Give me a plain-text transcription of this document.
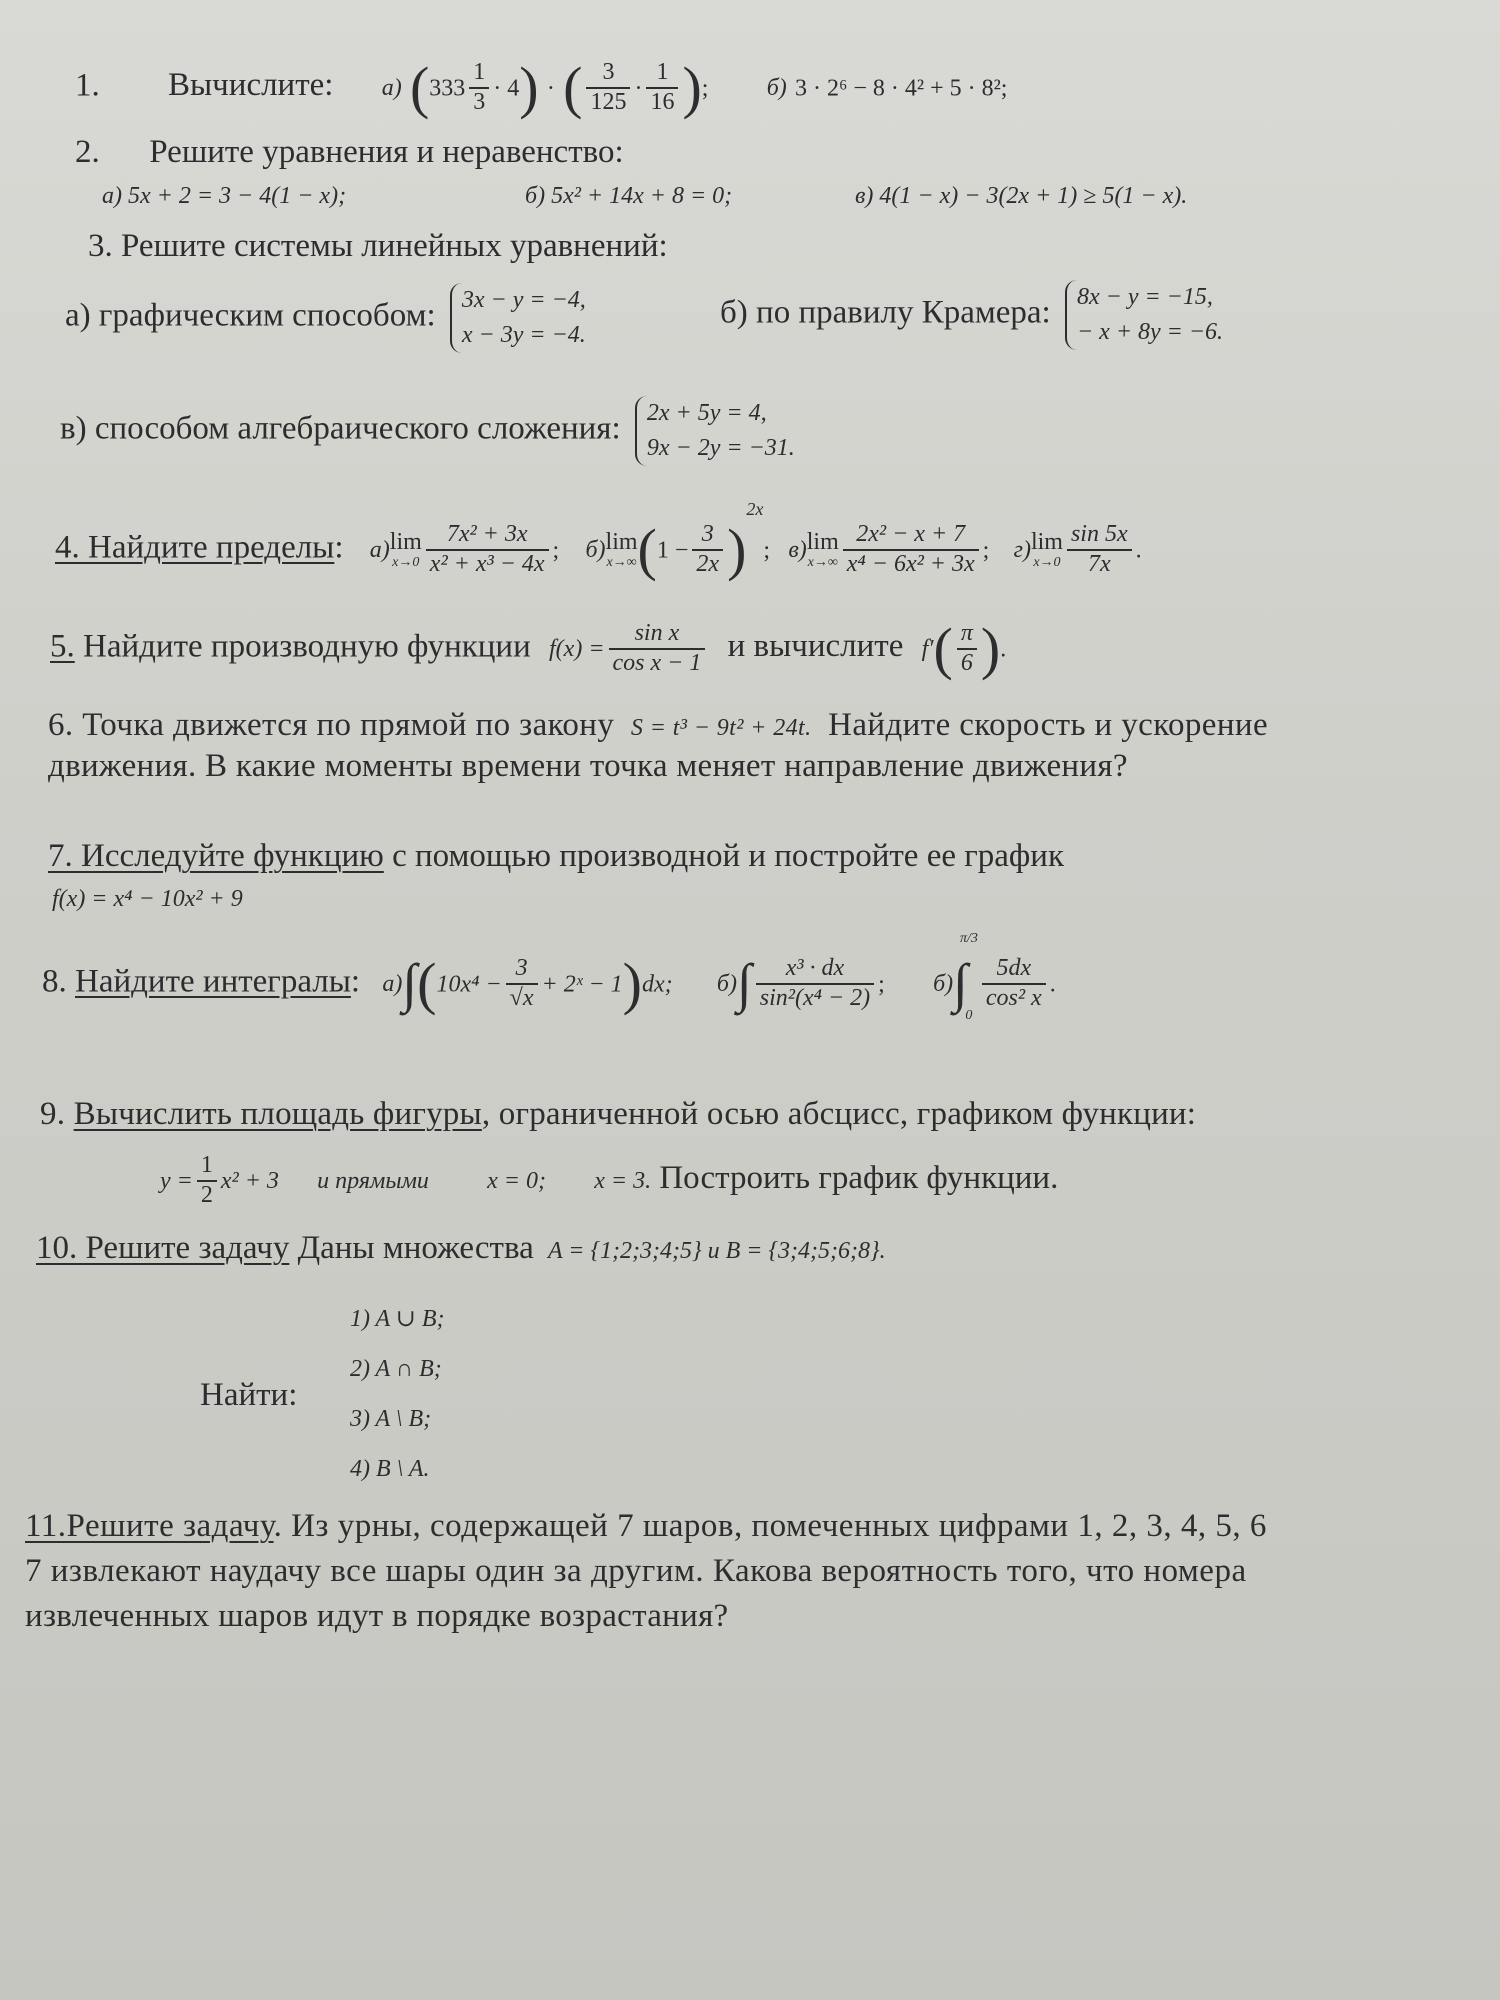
1. Вычислите: а) $(333 \frac{1}{3} \cdot 4)$ · ( $\frac{3}{125} \cdot \frac{1}{16}$ ); б) 3 · 2⁶ − 8 · 4² + 5 · 8²;
2.      Решите уравнения и неравенство:
а) 5x + 2 = 3 − 4(1 − x);	б) 5x² + 14x + 8 = 0;	в) 4(1 − x) − 3(2x + 1) ≥ 5(1 − x).
3. Решите системы линейных уравнений:
а) графическим способом: 3x − y = −4,
x − 3y = −4.
б) по правилу Крамера: 8x − y = −15,
− x + 8y = −6.
в) способом алгебраического сложения: 2x + 5y = 4,
9x − 2y = −31.
4. Найдите пределы: а) lim
$x\to 0 \frac{\text{7x² + 3x}}{\text{x² + x³ − 4x}}$ ; б) lim
x→∞ $(1 - \frac{3}{2x} )^{2x}$; в) lim
$x\to\infty \frac{\text{2x² − x + 7}}{\text{x⁴ − 6x² + 3x}}$ ; г) lim
$x\to 0 \frac{\sin 5x}{7x}$ .
5. Найдите производную функции $f(x) = \frac{\text{sin x}}{\text{cos x − 1}}$ и вычислите $f'( \frac{\pi}{6}$ ).
6. Точка движется по прямой по закону S = t³ − 9t² + 24t. Найдите скорость и ускорение
движения. В какие моменты времени точка меняет направление движения?
7. Исследуйте функцию с помощью производной и постройте ее график
f(x) = x⁴ − 10x² + 9
8. Найдите интегралы: $а)\int(10x^4 - \frac{3}{√x}$ + 2ˣ − 1)dx; $б)\int \frac{\text{x³ · dx}}{\text{sin²(x⁴ − 2)}}$ ; б)∫
π/3
0
$\frac{5dx}{\text{cos² x}}$ .
9. Вычислить площадь фигуры, ограниченной осью абсцисс, графиком функции:
$y = \frac{1}{2} x^2 + 3$ и прямыми x = 0; x = 3. Построить график функции.
10. Решите задачу Даны множества A = {1;2;3;4;5} и B = {3;4;5;6;8}.
Найти:
1) A ∪ B;
2) A ∩ B;
3) A \ B;
4) B \ A.
11.Решите задачу. Из урны, содержащей 7 шаров, помеченных цифрами 1, 2, 3, 4, 5, 6
7 извлекают наудачу все шары один за другим. Какова вероятность того, что номера
извлеченных шаров идут в порядке возрастания?
